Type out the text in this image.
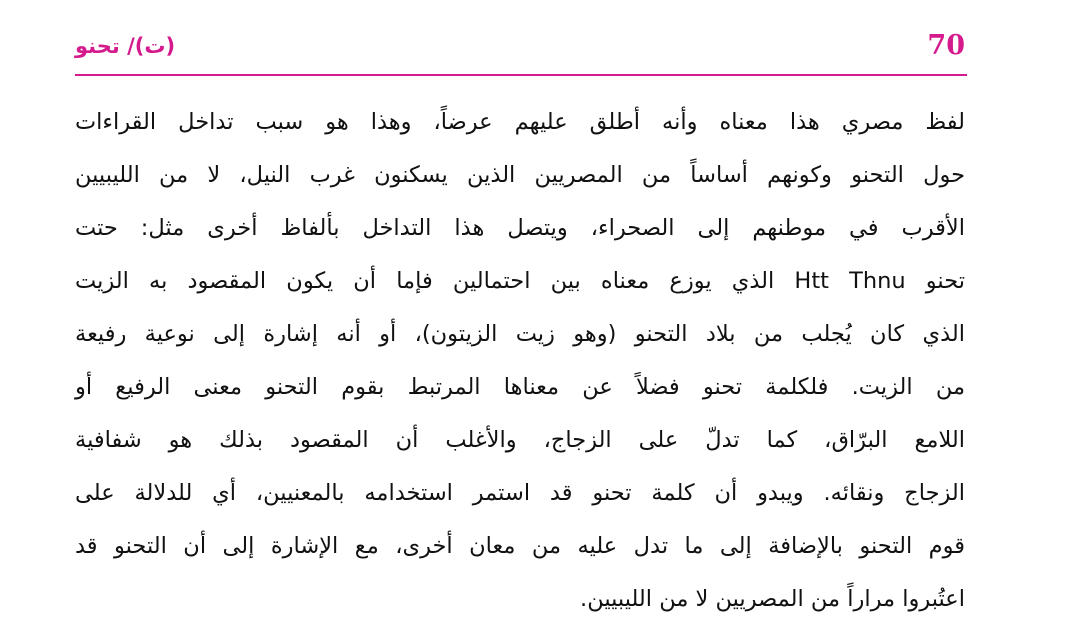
70
(ت)/ تحنو
لفظ مصري هذا معناه وأنه أطلق عليهم عرضاً، وهذا هو سبب تداخل القراءات
حول التحنو وكونهم أساساً من المصريين الذين يسكنون غرب النيل، لا من الليبيين
الأقرب في موطنهم إلى الصحراء، ويتصل هذا التداخل بألفاظ أخرى مثل: حتت
تحنو Htt Thnu الذي يوزع معناه بين احتمالين فإما أن يكون المقصود به الزيت
الذي كان يُجلب من بلاد التحنو (وهو زيت الزيتون)، أو أنه إشارة إلى نوعية رفيعة
من الزيت. فلكلمة تحنو فضلاً عن معناها المرتبط بقوم التحنو معنى الرفيع أو
اللامع البرّاق، كما تدلّ على الزجاج، والأغلب أن المقصود بذلك هو شفافية
الزجاج ونقائه. ويبدو أن كلمة تحنو قد استمر استخدامه بالمعنيين، أي للدلالة على
قوم التحنو بالإضافة إلى ما تدل عليه من معان أخرى، مع الإشارة إلى أن التحنو قد
اعتُبروا مراراً من المصريين لا من الليبيين.
